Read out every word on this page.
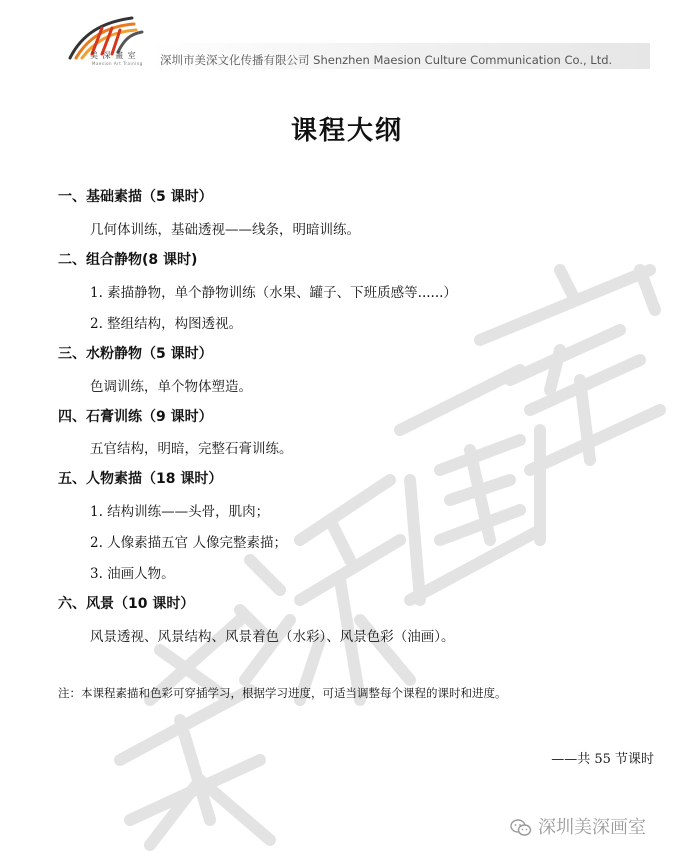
美 深 畫 室
Maesion Art Training 深圳市美深文化传播有限公司 Shenzhen Maesion Culture Communication Co., Ltd.
课程大纲
一、基础素描（5 课时）
几何体训练，基础透视——线条，明暗训练。
二、组合静物(8 课时)
1. 素描静物，单个静物训练（水果、罐子、下班质感等......）
2. 整组结构，构图透视。
三、水粉静物（5 课时）
色调训练，单个物体塑造。
四、石膏训练（9 课时）
五官结构，明暗，完整石膏训练。
五、人物素描（18 课时）
1. 结构训练——头骨，肌肉；
2. 人像素描五官 人像完整素描；
3. 油画人物。
六、风景（10 课时）
风景透视、风景结构、风景着色（水彩）、风景色彩（油画）。
注：本课程素描和色彩可穿插学习，根据学习进度，可适当调整每个课程的课时和进度。
——共 55 节课时
深圳美深画室
